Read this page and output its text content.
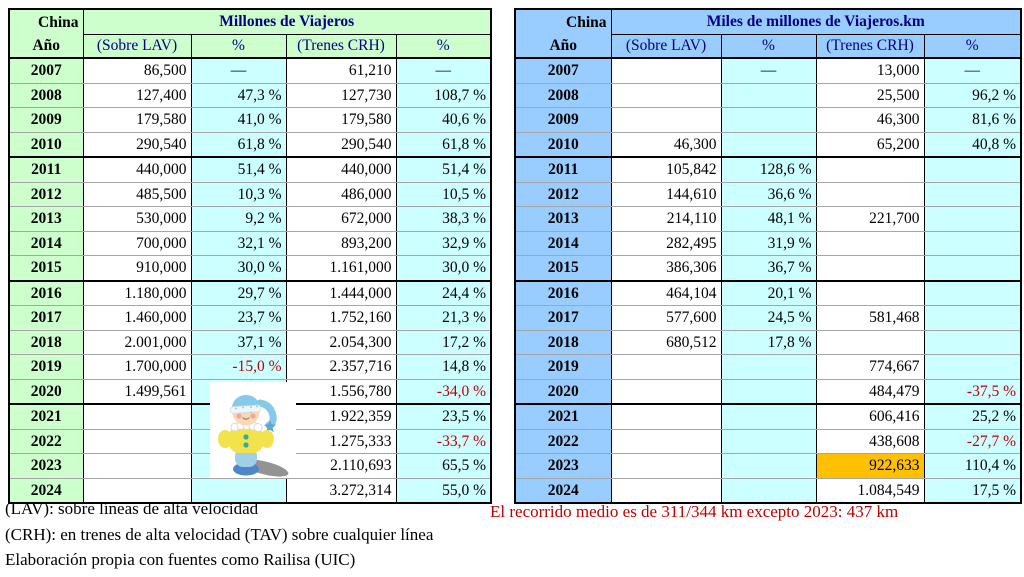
China	Millones de Viajeros			
Año	(Sobre LAV)	%	(Trenes CRH)	%
2007	86,500	—	61,210	—
2008	127,400	47,3 %	127,730	108,7 %
2009	179,580	41,0 %	179,580	40,6 %
2010	290,540	61,8 %	290,540	61,8 %
2011	440,000	51,4 %	440,000	51,4 %
2012	485,500	10,3 %	486,000	10,5 %
2013	530,000	9,2 %	672,000	38,3 %
2014	700,000	32,1 %	893,200	32,9 %
2015	910,000	30,0 %	1.161,000	30,0 %
2016	1.180,000	29,7 %	1.444,000	24,4 %
2017	1.460,000	23,7 %	1.752,160	21,3 %
2018	2.001,000	37,1 %	2.054,300	17,2 %
2019	1.700,000	-15,0 %	2.357,716	14,8 %
2020	1.499,561		1.556,780	-34,0 %
2021			1.922,359	23,5 %
2022			1.275,333	-33,7 %
2023			2.110,693	65,5 %
2024			3.272,314	55,0 %
China	Miles de millones de Viajeros.km			
Año	(Sobre LAV)	%	(Trenes CRH)	%
2007		—	13,000	—
2008			25,500	96,2 %
2009			46,300	81,6 %
2010	46,300		65,200	40,8 %
2011	105,842	128,6 %		
2012	144,610	36,6 %		
2013	214,110	48,1 %	221,700	
2014	282,495	31,9 %		
2015	386,306	36,7 %		
2016	464,104	20,1 %		
2017	577,600	24,5 %	581,468	
2018	680,512	17,8 %		
2019			774,667	
2020			484,479	-37,5 %
2021			606,416	25,2 %
2022			438,608	-27,7 %
2023			922,633	110,4 %
2024			1.084,549	17,5 %
(LAV): sobre líneas de alta velocidad
(CRH): en trenes de alta velocidad (TAV) sobre cualquier línea
Elaboración propia con fuentes como Railisa (UIC)
El recorrido medio es de 311/344 km excepto 2023: 437 km
